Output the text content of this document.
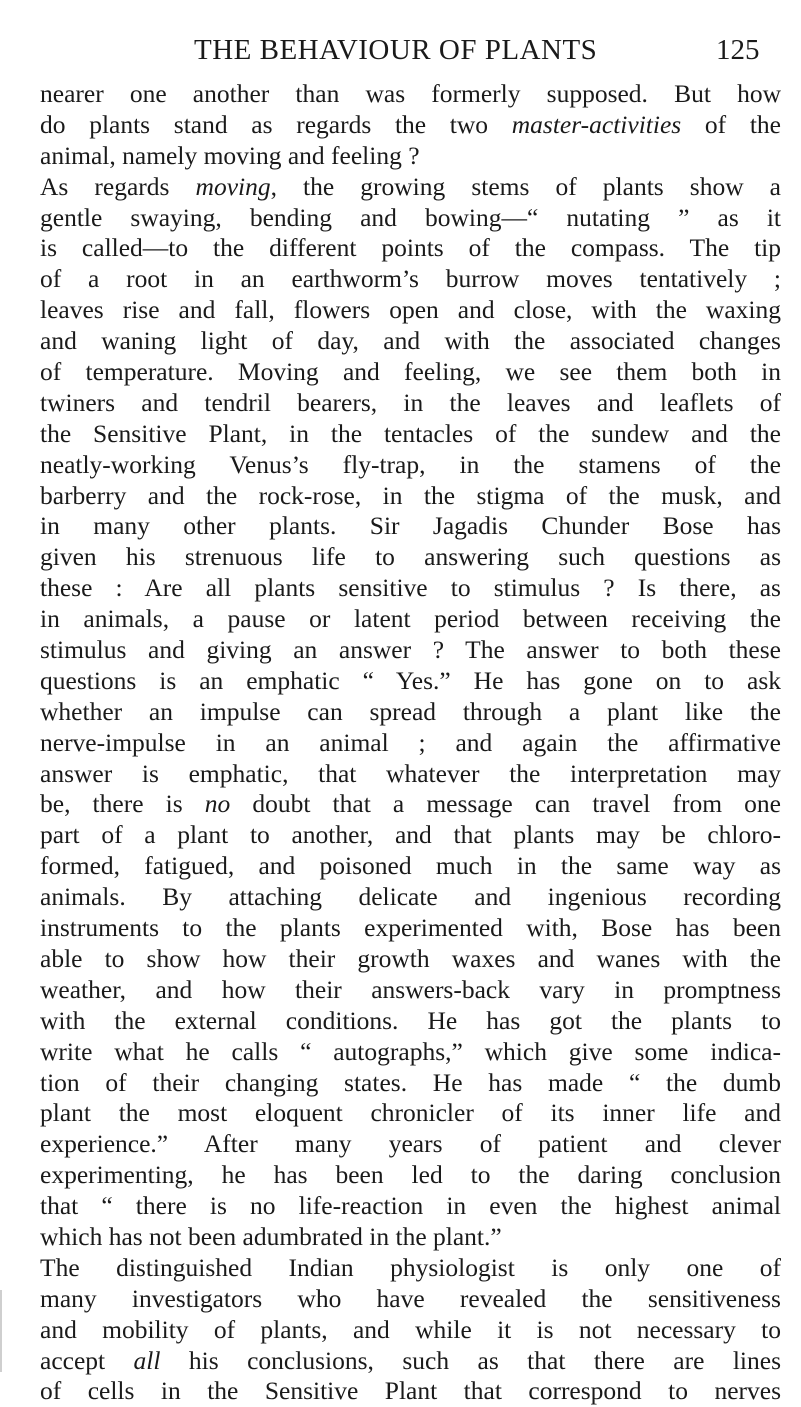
THE BEHAVIOUR OF PLANTS	125
nearer one another than was formerly supposed. But how
do plants stand as regards the two master-activities of the
animal, namely moving and feeling ?
As regards moving, the growing stems of plants show a
gentle swaying, bending and bowing—“ nutating ” as it
is called—to the different points of the compass. The tip
of a root in an earthworm’s burrow moves tentatively ;
leaves rise and fall, flowers open and close, with the waxing
and waning light of day, and with the associated changes
of temperature. Moving and feeling, we see them both in
twiners and tendril bearers, in the leaves and leaflets of
the Sensitive Plant, in the tentacles of the sundew and the
neatly-working Venus’s fly-trap, in the stamens of the
barberry and the rock-rose, in the stigma of the musk, and
in many other plants. Sir Jagadis Chunder Bose has
given his strenuous life to answering such questions as
these : Are all plants sensitive to stimulus ? Is there, as
in animals, a pause or latent period between receiving the
stimulus and giving an answer ? The answer to both these
questions is an emphatic “ Yes.” He has gone on to ask
whether an impulse can spread through a plant like the
nerve-impulse in an animal ; and again the affirmative
answer is emphatic, that whatever the interpretation may
be, there is no doubt that a message can travel from one
part of a plant to another, and that plants may be chloro-
formed, fatigued, and poisoned much in the same way as
animals. By attaching delicate and ingenious recording
instruments to the plants experimented with, Bose has been
able to show how their growth waxes and wanes with the
weather, and how their answers-back vary in promptness
with the external conditions. He has got the plants to
write what he calls “ autographs,” which give some indica-
tion of their changing states. He has made “ the dumb
plant the most eloquent chronicler of its inner life and
experience.” After many years of patient and clever
experimenting, he has been led to the daring conclusion
that “ there is no life-reaction in even the highest animal
which has not been adumbrated in the plant.”
The distinguished Indian physiologist is only one of
many investigators who have revealed the sensitiveness
and mobility of plants, and while it is not necessary to
accept all his conclusions, such as that there are lines
of cells in the Sensitive Plant that correspond to nerves
